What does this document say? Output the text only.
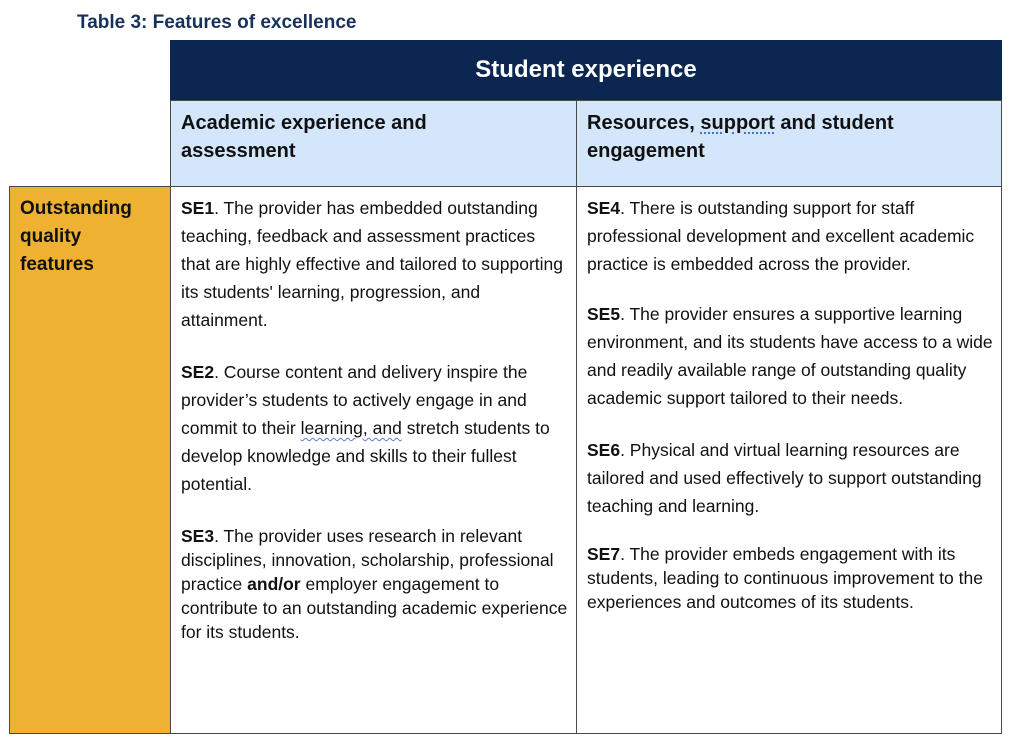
Table 3: Features of excellence
Student experience
Academic experience and
assessment
Resources, support and student
engagement
Outstanding quality features

SE1. The provider has embedded outstanding teaching, feedback and assessment practices that are highly effective and tailored to supporting its students' learning, progression, and attainment.

SE2. Course content and delivery inspire the provider’s students to actively engage in and commit to their learning, and stretch students to develop knowledge and skills to their fullest potential.

SE3. The provider uses research in relevant disciplines, innovation, scholarship, professional practice and/or employer engagement to contribute to an outstanding academic experience for its students.

SE4. There is outstanding support for staff professional development and excellent academic practice is embedded across the provider.

SE5. The provider ensures a supportive learning environment, and its students have access to a wide and readily available range of outstanding quality academic support tailored to their needs.

SE6. Physical and virtual learning resources are tailored and used effectively to support outstanding teaching and learning.

SE7. The provider embeds engagement with its students, leading to continuous improvement to the experiences and outcomes of its students.
